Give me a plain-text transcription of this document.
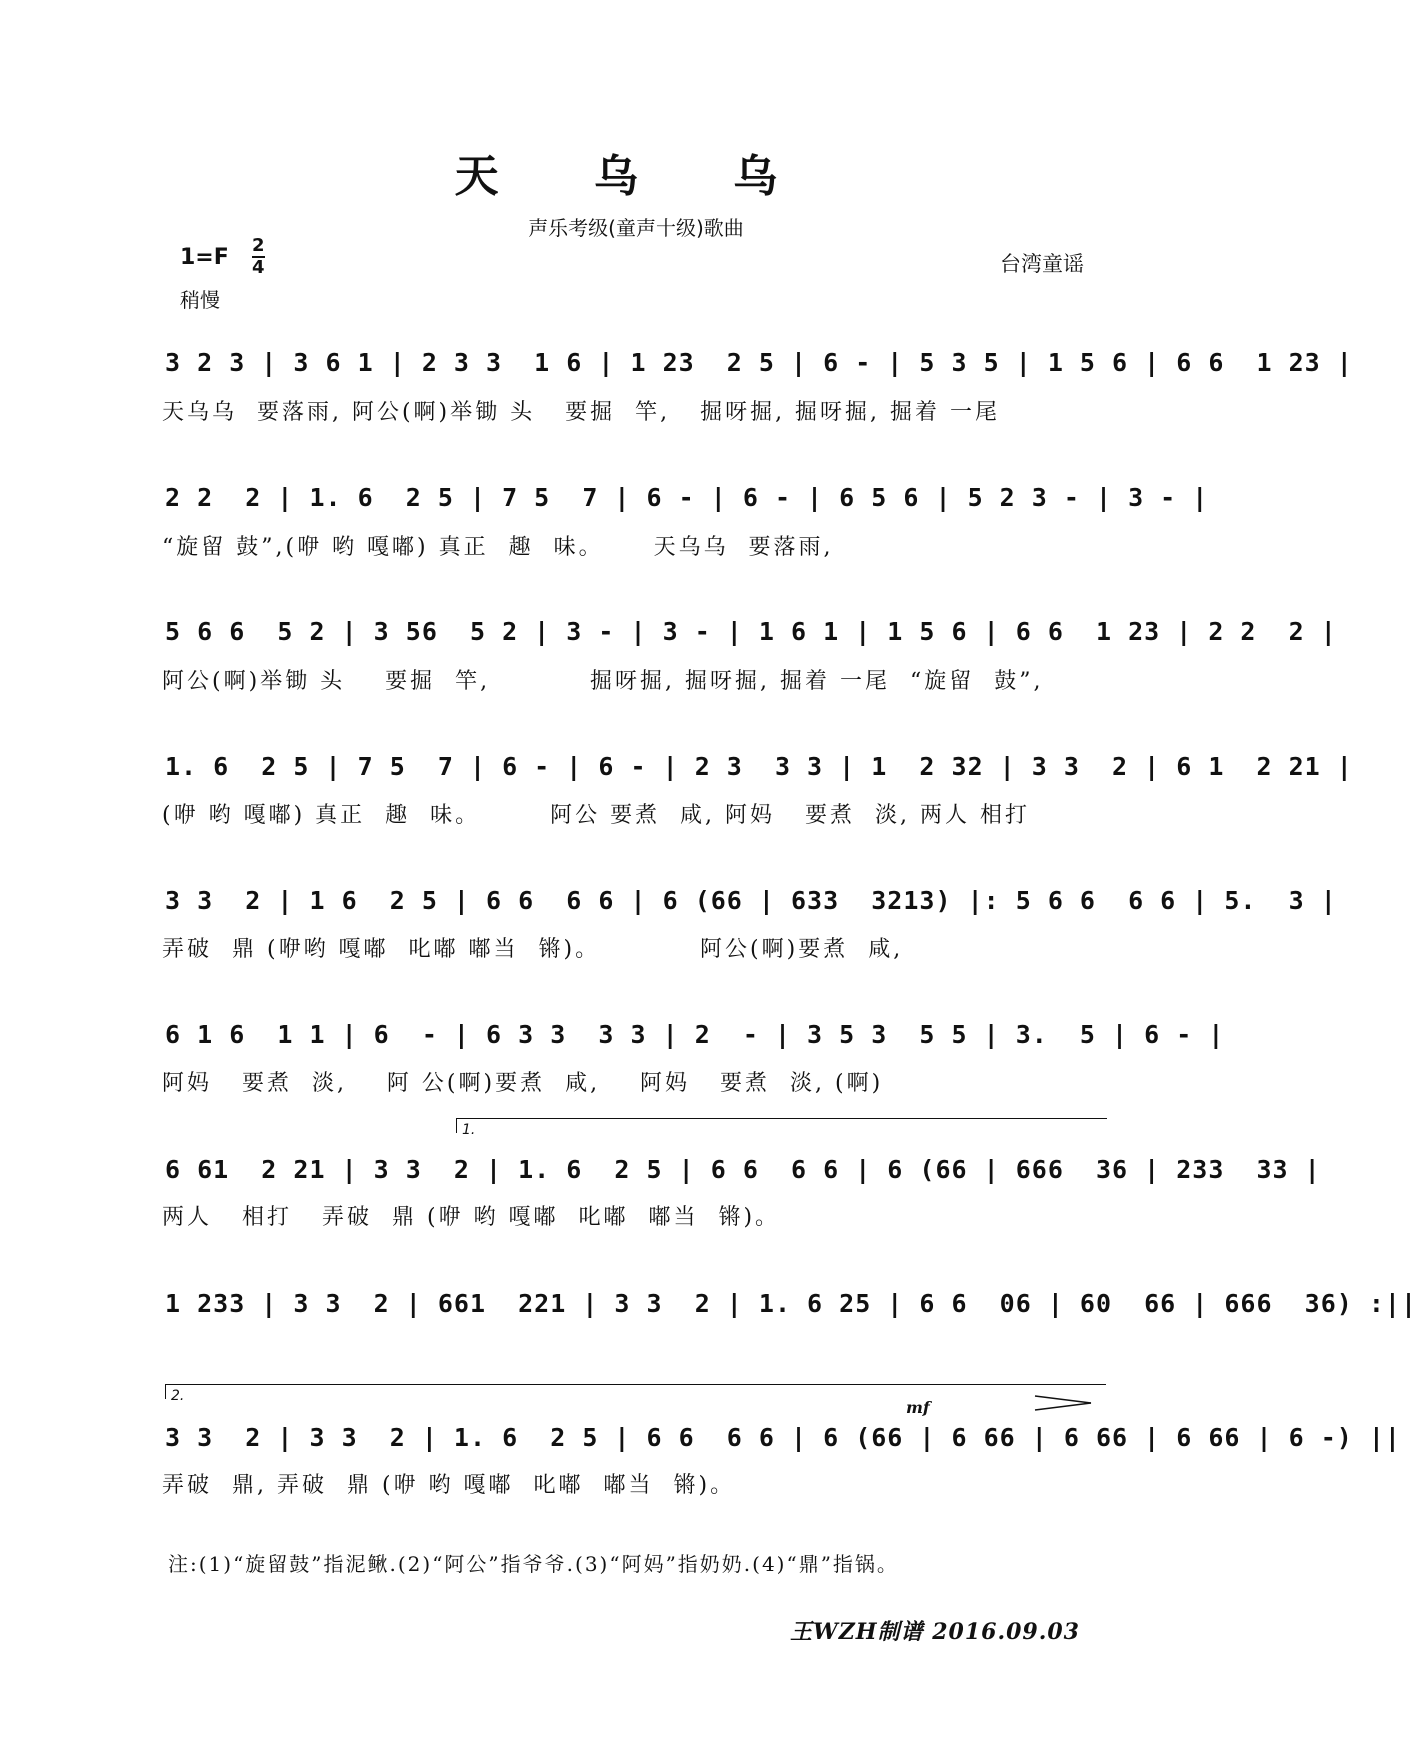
天 乌 乌
声乐考级(童声十级)歌曲
$1=F \frac{2}{4}$
稍慢
台湾童谣
3 2 3 | 3 6 1 | 2 3 3  1 6 | 1 23  2 5 | 6 - | 5 3 5 | 1 5 6 | 6 6  1 23 |
天乌乌  要落雨, 阿公(啊)举锄 头   要掘  竿,   掘呀掘, 掘呀掘, 掘着 一尾
2 2  2 | 1. 6  2 5 | 7 5  7 | 6 - | 6 - | 6 5 6 | 5 2 3 - | 3 - |
“旋留 鼓”,(咿 哟 嘎嘟) 真正  趣  味。     天乌乌  要落雨,
5 6 6  5 2 | 3 56  5 2 | 3 - | 3 - | 1 6 1 | 1 5 6 | 6 6  1 23 | 2 2  2 |
阿公(啊)举锄 头    要掘  竿,          掘呀掘, 掘呀掘, 掘着 一尾  “旋留  鼓”,
1. 6  2 5 | 7 5  7 | 6 - | 6 - | 2 3  3 3 | 1  2 32 | 3 3  2 | 6 1  2 21 |
(咿 哟 嘎嘟) 真正  趣  味。       阿公 要煮  咸, 阿妈   要煮  淡, 两人 相打
3 3  2 | 1 6  2 5 | 6 6  6 6 | 6 (66 | 633  3213) |: 5 6 6  6 6 | 5.  3 |
弄破  鼎 (咿哟 嘎嘟  叱嘟 嘟当  锵)。          阿公(啊)要煮  咸,
6 1 6  1 1 | 6  - | 6 3 3  3 3 | 2  - | 3 5 3  5 5 | 3.  5 | 6 - |
阿妈   要煮  淡,    阿 公(啊)要煮  咸,    阿妈   要煮  淡, (啊)
1.
6 61  2 21 | 3 3  2 | 1. 6  2 5 | 6 6  6 6 | 6 (66 | 666  36 | 233  33 |
两人   相打   弄破  鼎 (咿 哟 嘎嘟  叱嘟  嘟当  锵)。
1 233 | 3 3  2 | 661  221 | 3 3  2 | 1. 6 25 | 6 6  06 | 60  66 | 666  36) :||
2.
mf
3 3  2 | 3 3  2 | 1. 6  2 5 | 6 6  6 6 | 6 (66 | 6 66 | 6 66 | 6 66 | 6 -) ||
弄破  鼎, 弄破  鼎 (咿 哟 嘎嘟  叱嘟  嘟当  锵)。
注:(1)“旋留鼓”指泥鳅.(2)“阿公”指爷爷.(3)“阿妈”指奶奶.(4)“鼎”指锅。
王WZH制谱 2016.09.03
